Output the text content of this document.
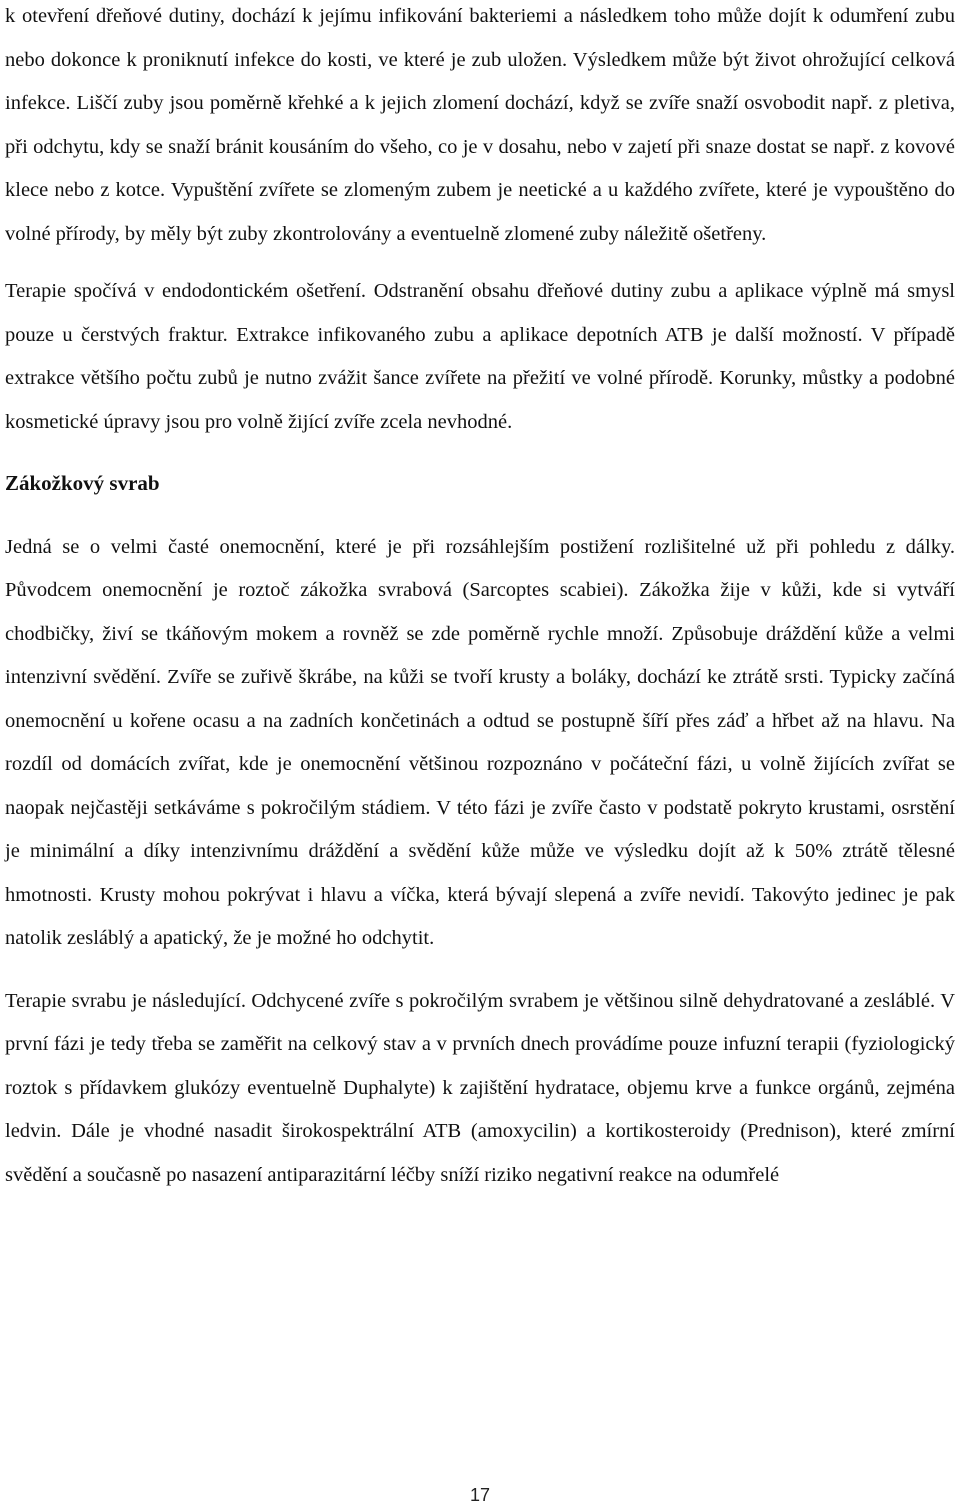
k otevření dřeňové dutiny, dochází k jejímu infikování bakteriemi a následkem toho může dojít k odumření zubu nebo dokonce k proniknutí infekce do kosti, ve které je zub uložen. Výsledkem může být život ohrožující celková infekce. Liščí zuby jsou poměrně křehké a k jejich zlomení dochází, když se zvíře snaží osvobodit např. z pletiva, při odchytu, kdy se snaží bránit kousáním do všeho, co je v dosahu, nebo v zajetí při snaze dostat se např. z kovové klece nebo z kotce. Vypuštění zvířete se zlomeným zubem je neetické a u každého zvířete, které je vypouštěno do volné přírody, by měly být zuby zkontrolovány a eventuelně zlomené zuby náležitě ošetřeny.

Terapie spočívá v endodontickém ošetření. Odstranění obsahu dřeňové dutiny zubu a aplikace výplně má smysl pouze u čerstvých fraktur. Extrakce infikovaného zubu a aplikace depotních ATB je další možností. V případě extrakce většího počtu zubů je nutno zvážit šance zvířete na přežití ve volné přírodě. Korunky, můstky a podobné kosmetické úpravy jsou pro volně žijící zvíře zcela nevhodné.

Zákožkový svrab

Jedná se o velmi časté onemocnění, které je při rozsáhlejším postižení rozlišitelné už při pohledu z dálky. Původcem onemocnění je roztoč zákožka svrabová (Sarcoptes scabiei). Zákožka žije v kůži, kde si vytváří chodbičky, živí se tkáňovým mokem a rovněž se zde poměrně rychle množí. Způsobuje dráždění kůže a velmi intenzivní svědění. Zvíře se zuřivě škrábe, na kůži se tvoří krusty a boláky, dochází ke ztrátě srsti. Typicky začíná onemocnění u kořene ocasu a na zadních končetinách a odtud se postupně šíří přes záď a hřbet až na hlavu. Na rozdíl od domácích zvířat, kde je onemocnění většinou rozpoznáno v počáteční fázi, u volně žijících zvířat se naopak nejčastěji setkáváme s pokročilým stádiem. V této fázi je zvíře často v podstatě pokryto krustami, osrstění je minimální a díky intenzivnímu dráždění a svědění kůže může ve výsledku dojít až k 50% ztrátě tělesné hmotnosti. Krusty mohou pokrývat i hlavu a víčka, která bývají slepená a zvíře nevidí. Takovýto jedinec je pak natolik zesláblý a apatický, že je možné ho odchytit.

Terapie svrabu je následující. Odchycené zvíře s pokročilým svrabem je většinou silně dehydratované a zesláblé. V první fázi je tedy třeba se zaměřit na celkový stav a v prvních dnech provádíme pouze infuzní terapii (fyziologický roztok s přídavkem glukózy eventuelně Duphalyte) k zajištění hydratace, objemu krve a funkce orgánů, zejména ledvin. Dále je vhodné nasadit širokospektrální ATB (amoxycilin) a kortikosteroidy (Prednison), které zmírní svědění a současně po nasazení antiparazitární léčby sníží riziko negativní reakce na odumřelé

17
